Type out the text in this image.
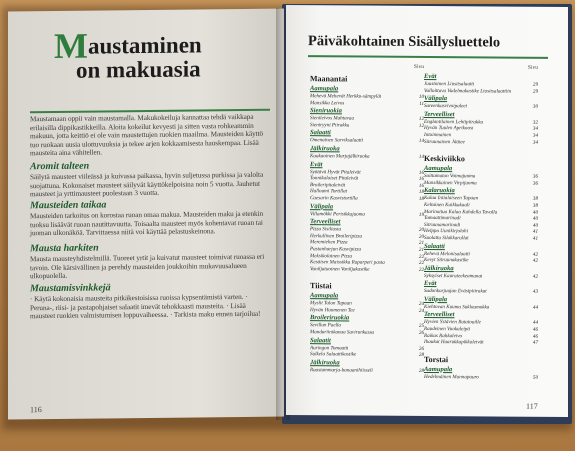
Maustaminen
on makuasia
Maustamaan oppii vain maustamalla. Makukokeiluja kannattaa tehdä vaikkapa erilaisilla dippikastikkeilla. Aloita kokeilut kevyesti ja sitten vasta rohkeammin makuun, jotta keittiö ei ole vain maustettujen ruokien maailma. Mausteiden käyttö tuo ruokaan uusia ulottuvuuksia ja tekee arjen kokkaamisesta hauskempaa. Lisää mausteita aina vähitellen.
Aromit talteen
Säilytä mausteet viileässä ja kuivassa paikassa, hyvin suljetussa purkissa ja valolta suojattuna. Kokonaiset mausteet säilyvät käyttökelpoisina noin 5 vuotta. Jauhetut mausteet ja yrttimausteet puolestaan 3 vuotta.
Mausteiden taikaa
Mausteiden tarkoitus on korostaa ruoan omaa makua. Mausteiden maku ja etenkin tuoksu lisäävät ruoan nautittavuutta. Toisaalta mausteet myös kohentavat ruoan tai juoman ulkonäköä. Tarvittaessa niitä voi käyttää pelastuskeinona.
Mausta harkiten
Mausta mausteyhdistelmillä. Tuoreet yrtit ja kuivatut mausteet toimivat ruoassa eri tavoin. Ole kärsivällinen ja perehdy mausteiden joukkoihin mukavuusalueen ulkopuolella.
Maustamisvinkkejä
· Käytä kokonaisia mausteita pitkäkestoisissa ruoissa kypsentämistä varten. · Peruna-, riisi- ja pastapohjaiset salaatit imevät tehokkaasti mausteita. · Lisää mausteet ruokien valmistumisen loppuvaiheessa. · Tarkista maku ennen tarjoilua!
116
Päiväkohtainen Sisällysluettelo
Sivu
Maanantai
Aamupala
Mehevä Mehevät Herkku-sämpylät	10
Mansikka Leivos	11
Sieniruokia
Sienileivos Mahtavaa	12
Sieniryyni Piirakka	12
Salaatti
Omenainen Sarviksalaatti	14
Jälkiruoka
Kaakaoinen Marjajälkiruoka	14
Evät
Syötävä Hyvät Pitaleivät	16
Tonnikalaiset Pitaleivät	16
Broileripitaleivät	16
Halloumi Tortillat	18
Caesarin Kasvistortilla	18
Välipala
Villamökki Perisikkajuoma	19
Terveelliset
Pizza Sisiliasta	20
Herkullinen Broileripizza	20
Meremiehen Pizza	21
Pastanharjun Kasvipizza	21
Meksikolainen Pizza	22
Kesäisen Maissikka Raparperi pasta	22
Vaniljatuoinen Vaniljakastike	22
Tiistai
Aamupala
Myslit Talon Tapaan	24
Hyvän Huomenen Tee	24
Broileriruokia
Sevillan Paella	25
Mandariinikanaa Savirunkassa	26
Salaatit
Auringon Tomaatit	26
Sulkela Salaattikastike	28
Jälkiruoka
Raastammarja-banaanihiisseli	28
Sivu
Evät
Juustoinen Liusitsalaatti	29
Valloittava Vadelmakastike Liusitsalaattiin	29
Välipala
Sareenkasvivoipaleet	30
Terveelliset
Englantilainen Lehtipiirakka	32
Hyvän Tuulen Aprikoosi	34
Intoinmainen	34
Sitruunainen Jäätee	34
Keskiviikko
Aamupala
Soittamaton Voimajuoma	36
Mansikkainen Virpijuoma	36
Kalaruokia
Kalaa Intialaiseen Tapaan	38
Keltainen Kaikkakaali	38
Marinoitua Kalaa Kahdella Tavalla	40
Tomaattimarinadi	40
Sitruunamarinadi	40
Helppo Uunikirjolohi	41
Suolattu Silakkarullat	41
Salaatti
Rehevä Melonisalaatti	42
Kevyt Sitruunakastike	42
Jälkiruoka
Syksyiset Kaurateekeamanat	42
Evät
Sadonkorjuujan Evästpiiirakat	43
Välipala
Kiehtovan Kuuma Suklaamokka	44
Terveelliset
Hyvien Ystävien Ratatouille	44
Raudeinen Vuokaleipä	46
Raikas Rahkaleivo	46
Ihaukat Haarukkapikkuleivät	47
Torstai
Aamupala
Hedelmäinen Mannapuuro	50
117
